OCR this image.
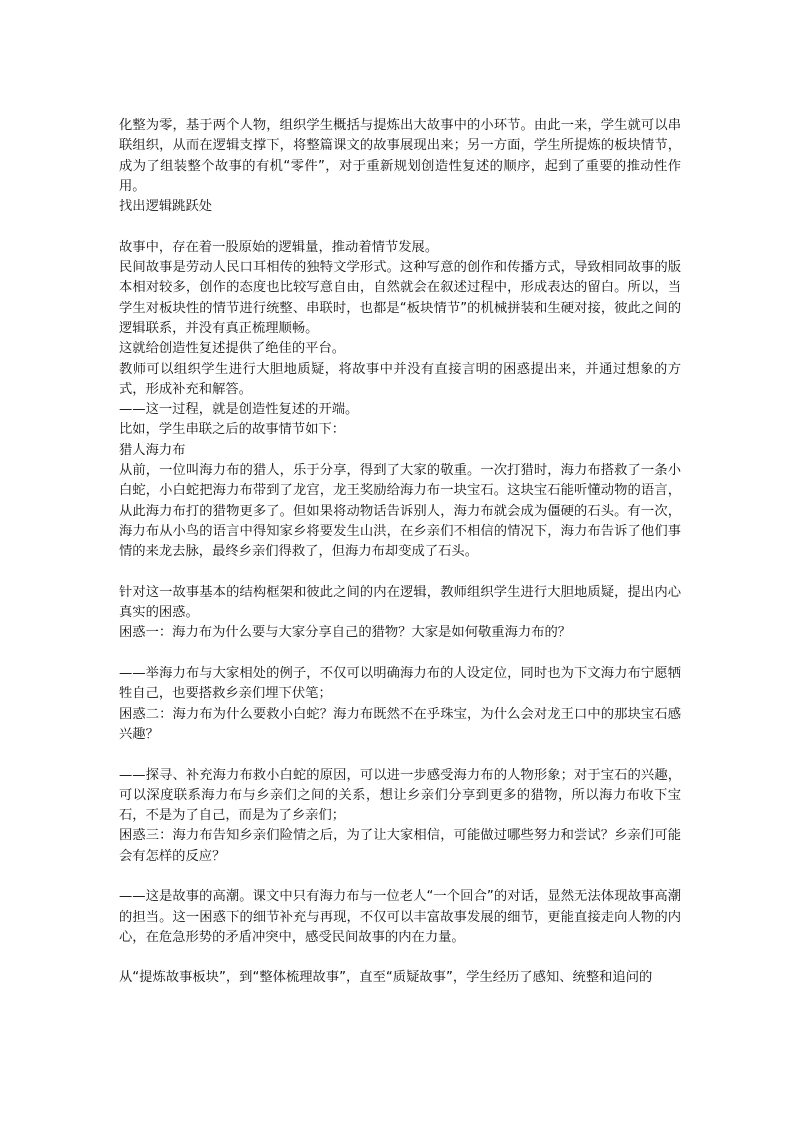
化整为零，基于两个人物，组织学生概括与提炼出大故事中的小环节。由此一来，学生就可以串联组织，从而在逻辑支撑下，将整篇课文的故事展现出来；另一方面，学生所提炼的板块情节，成为了组装整个故事的有机“零件”，对于重新规划创造性复述的顺序，起到了重要的推动性作用。

找出逻辑跳跃处

故事中，存在着一股原始的逻辑量，推动着情节发展。

民间故事是劳动人民口耳相传的独特文学形式。这种写意的创作和传播方式，导致相同故事的版本相对较多，创作的态度也比较写意自由，自然就会在叙述过程中，形成表达的留白。所以，当学生对板块性的情节进行统整、串联时，也都是“板块情节”的机械拼装和生硬对接，彼此之间的逻辑联系，并没有真正梳理顺畅。

这就给创造性复述提供了绝佳的平台。

教师可以组织学生进行大胆地质疑，将故事中并没有直接言明的困惑提出来，并通过想象的方式，形成补充和解答。

——这一过程，就是创造性复述的开端。

比如，学生串联之后的故事情节如下：

猎人海力布

从前，一位叫海力布的猎人，乐于分享，得到了大家的敬重。一次打猎时，海力布搭救了一条小白蛇，小白蛇把海力布带到了龙宫，龙王奖励给海力布一块宝石。这块宝石能听懂动物的语言，从此海力布打的猎物更多了。但如果将动物话告诉别人，海力布就会成为僵硬的石头。有一次，海力布从小鸟的语言中得知家乡将要发生山洪，在乡亲们不相信的情况下，海力布告诉了他们事情的来龙去脉，最终乡亲们得救了，但海力布却变成了石头。

针对这一故事基本的结构框架和彼此之间的内在逻辑，教师组织学生进行大胆地质疑，提出内心真实的困惑。

困惑一：海力布为什么要与大家分享自己的猎物？大家是如何敬重海力布的？

——举海力布与大家相处的例子，不仅可以明确海力布的人设定位，同时也为下文海力布宁愿牺牲自己，也要搭救乡亲们埋下伏笔；

困惑二：海力布为什么要救小白蛇？海力布既然不在乎珠宝，为什么会对龙王口中的那块宝石感兴趣？

——探寻、补充海力布救小白蛇的原因，可以进一步感受海力布的人物形象；对于宝石的兴趣，可以深度联系海力布与乡亲们之间的关系，想让乡亲们分享到更多的猎物，所以海力布收下宝石，不是为了自己，而是为了乡亲们；

困惑三：海力布告知乡亲们险情之后，为了让大家相信，可能做过哪些努力和尝试？乡亲们可能会有怎样的反应？

——这是故事的高潮。课文中只有海力布与一位老人“一个回合”的对话，显然无法体现故事高潮的担当。这一困惑下的细节补充与再现，不仅可以丰富故事发展的细节，更能直接走向人物的内心，在危急形势的矛盾冲突中，感受民间故事的内在力量。

从“提炼故事板块”，到“整体梳理故事”，直至“质疑故事”，学生经历了感知、统整和追问的
